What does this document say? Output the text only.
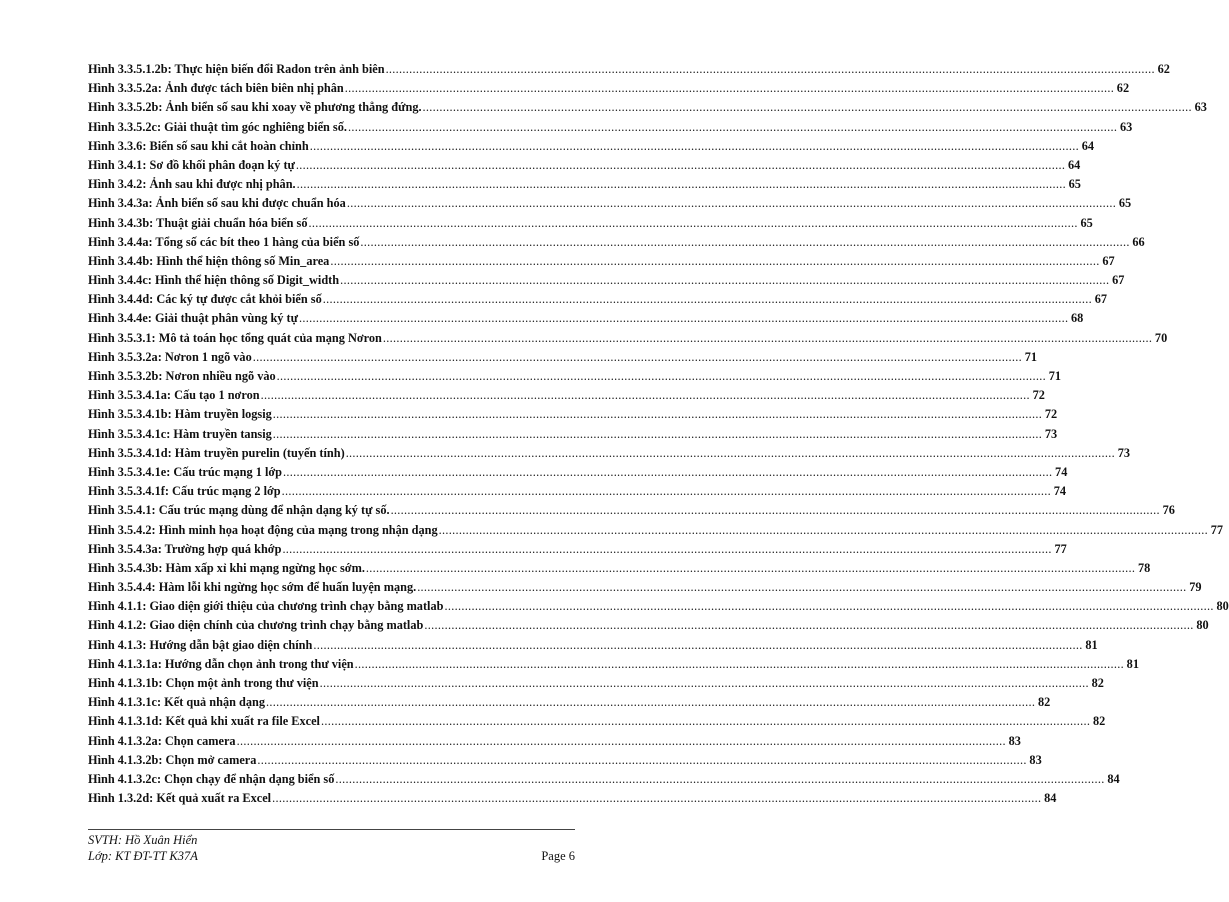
Hình 3.3.5.1.2b: Thực hiện biến đổi Radon trên ảnh biên .....	62
Hình 3.3.5.2a: Ảnh được tách biên biên nhị phân .....	62
Hình 3.3.5.2b: Ảnh biển số sau khi xoay về phương thẳng đứng. .....	63
Hình 3.3.5.2c: Giải thuật tìm góc nghiêng biển số. .....	63
Hình 3.3.6: Biển số sau khi cắt hoàn chỉnh .....	64
Hình 3.4.1: Sơ đồ khối phân đoạn ký tự .....	64
Hình 3.4.2: Ảnh sau khi được nhị phân. .....	65
Hình 3.4.3a: Ảnh biển số sau khi được chuẩn hóa .....	65
Hình 3.4.3b: Thuật giải chuẩn hóa biển số .....	65
Hình 3.4.4a: Tổng số các bít theo 1 hàng của biển số .....	66
Hình 3.4.4b: Hình thể hiện thông số Min_area .....	67
Hình 3.4.4c: Hình thể hiện thông số Digit_width .....	67
Hình 3.4.4d: Các ký tự được cắt khỏi biển số .....	67
Hình 3.4.4e: Giải thuật phân vùng ký tự .....	68
Hình 3.5.3.1: Mô tả toán học tổng quát của mạng Nơron .....	70
Hình 3.5.3.2a: Nơron 1 ngõ vào .....	71
Hình 3.5.3.2b: Nơron nhiều ngõ vào .....	71
Hình 3.5.3.4.1a: Cấu tạo 1 nơron .....	72
Hình 3.5.3.4.1b: Hàm truyền logsig .....	72
Hình 3.5.3.4.1c: Hàm truyền tansig .....	73
Hình 3.5.3.4.1d: Hàm truyền purelin (tuyến tính) .....	73
Hình 3.5.3.4.1e: Cấu trúc mạng 1 lớp .....	74
Hình 3.5.3.4.1f: Cấu trúc mạng 2 lớp .....	74
Hình 3.5.4.1: Cấu trúc mạng dùng để nhận dạng ký tự số. .....	76
Hình 3.5.4.2: Hình minh họa hoạt động của mạng trong nhận dạng .....	77
Hình 3.5.4.3a: Trường hợp quá khớp .....	77
Hình 3.5.4.3b: Hàm xấp xỉ khi mạng ngừng học sớm. .....	78
Hình 3.5.4.4: Hàm lỗi khi ngừng học sớm để huấn luyện mạng. .....	79
Hình 4.1.1: Giao diện giới thiệu của chương trình chạy bằng matlab .....	80
Hình 4.1.2: Giao diện chính của chương trình chạy bằng matlab .....	80
Hình 4.1.3: Hướng dẫn bật giao diện chính .....	81
Hình 4.1.3.1a: Hướng dẫn chọn ảnh trong thư viện .....	81
Hình 4.1.3.1b: Chọn một ảnh trong thư viện .....	82
Hình 4.1.3.1c: Kết quả nhận dạng .....	82
Hình 4.1.3.1d: Kết quả khi xuất ra file Excel .....	82
Hình 4.1.3.2a: Chọn camera .....	83
Hình 4.1.3.2b: Chọn mở camera .....	83
Hình 4.1.3.2c: Chọn chạy để nhận dạng biển số .....	84
Hình 1.3.2d: Kết quả xuất ra Excel .....	84
SVTH: Hồ Xuân Hiển
Lớp: KT ĐT-TT K37A	Page 6
